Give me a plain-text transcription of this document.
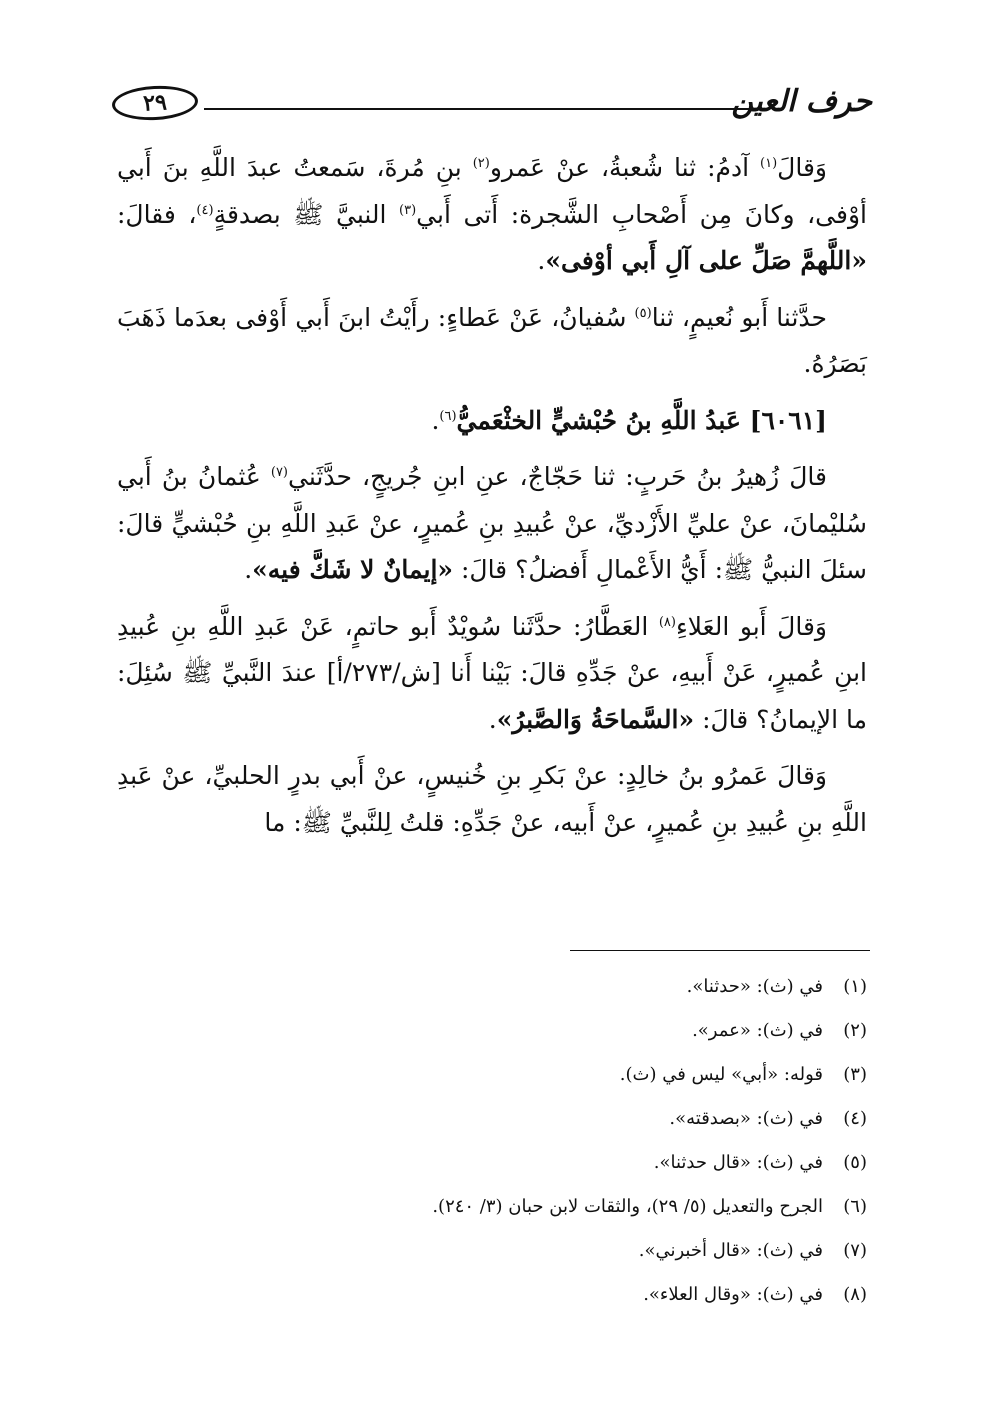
٢٩	حرف العين

وَقالَ$^{(١)}$ آدمُ: ثنا شُعبةُ، عنْ عَمرو$^{(٢)}$ بنِ مُرةَ، سَمعتُ عبدَ اللَّهِ بنَ أَبي أوْفى، وكانَ مِن أَصْحابِ الشَّجرة: أَتى أَبي$^{(٣)}$ النبيَّ ﷺ بصدقةٍ$^{(٤)}$، فقالَ: «اللَّهمَّ صَلِّ على آلِ أَبي أوْفى».

حدَّثنا أَبو نُعيمٍ، ثنا$^{(٥)}$ سُفيانُ، عَنْ عَطاءٍ: رأَيْتُ ابنَ أَبي أَوْفى بعدَما ذَهَبَ بَصَرُهُ.

[٦٠٦١] عَبدُ اللَّهِ بنُ حُبْشيٍّ الخثْعَميُّ$^{(٦)}$.

قالَ زُهيرُ بنُ حَربٍ: ثنا حَجّاجٌ، عنِ ابنِ جُريجٍ، حدَّثَني$^{(٧)}$ عُثمانُ بنُ أَبي سُليْمانَ، عنْ عليِّ الأَزْديِّ، عنْ عُبيدِ بنِ عُميرٍ، عنْ عَبدِ اللَّهِ بنِ حُبْشيٍّ قالَ: سئلَ النبيُّ ﷺ: أَيُّ الأَعْمالِ أَفضلُ؟ قالَ: «إيمانٌ لا شَكَّ فيه».

وَقالَ أَبو العَلاءِ$^{(٨)}$ العَطَّارُ: حدَّثَنا سُويْدٌ أَبو حاتمٍ، عَنْ عَبدِ اللَّهِ بنِ عُبيدِ ابنِ عُميرٍ، عَنْ أَبيهِ، عنْ جَدِّهِ قالَ: بَيْنا أَنا [ش/٢٧٣/أ] عندَ النَّبيِّ ﷺ سُئِلَ: ما الإيمانُ؟ قالَ: «السَّماحَةُ وَالصَّبرُ».

وَقالَ عَمرُو بنُ خالِدٍ: عنْ بَكرِ بنِ خُنيسٍ، عنْ أَبي بدرٍ الحلبيِّ، عنْ عَبدِ اللَّهِ بنِ عُبيدِ بنِ عُميرٍ، عنْ أَبيه، عنْ جَدِّهِ: قلتُ لِلنَّبيِّ ﷺ: ما

(١)
في (ث): «حدثنا».
(٢)
في (ث): «عمر».
(٣)
قوله: «أبي» ليس في (ث).
(٤)
في (ث): «بصدقته».
(٥)
في (ث): «قال حدثنا».
(٦)
الجرح والتعديل (٥/ ٢٩)، والثقات لابن حبان (٣/ ٢٤٠).
(٧)
في (ث): «قال أخبرني».
(٨)
في (ث): «وقال العلاء».
